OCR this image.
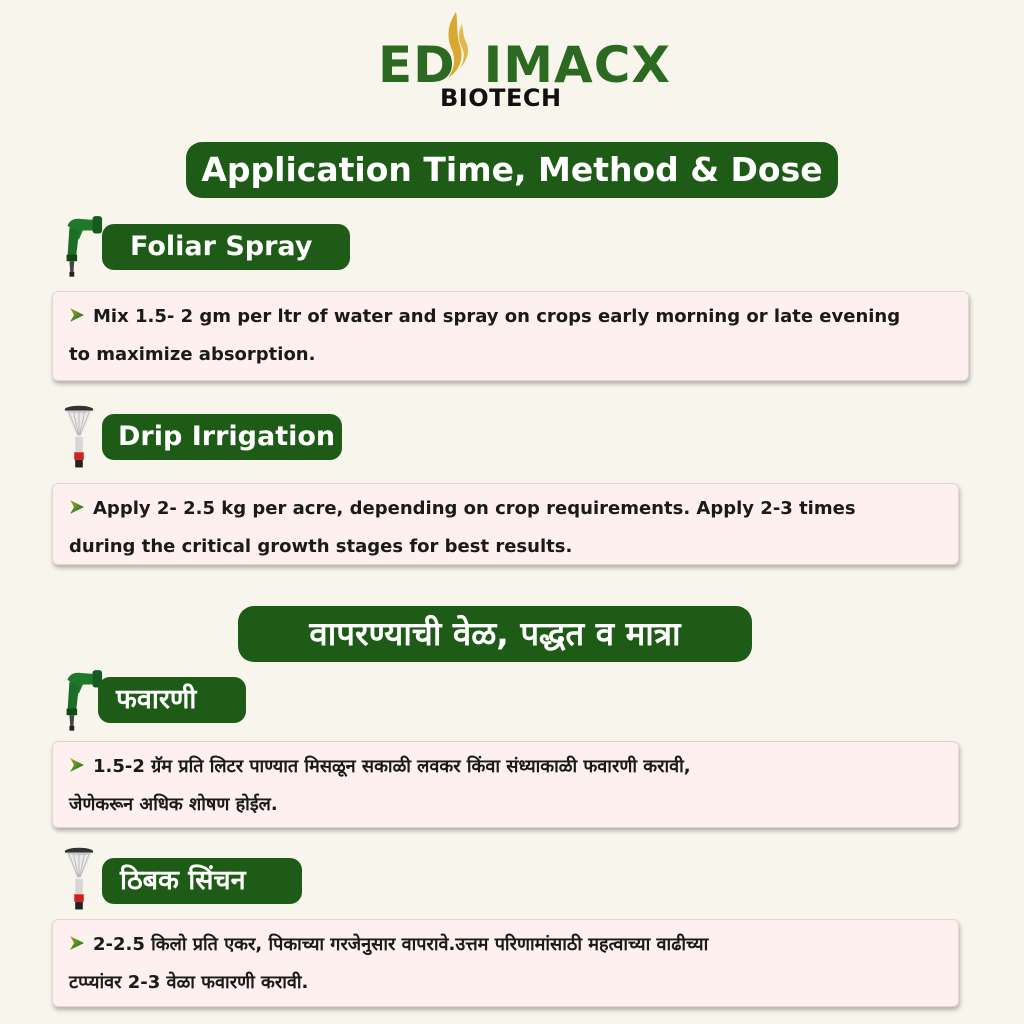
ED IMACX
BIOTECH
Application Time, Method & Dose
Foliar Spray
Mix 1.5- 2 gm per ltr of water and spray on crops early morning or late evening
to maximize absorption.
Drip Irrigation
Apply 2- 2.5 kg per acre, depending on crop requirements. Apply 2-3 times
during the critical growth stages for best results.
वापरण्याची वेळ, पद्धत व मात्रा
फवारणी
1.5-2 ग्रॅम प्रति लिटर पाण्यात मिसळून सकाळी लवकर किंवा संध्याकाळी फवारणी करावी,
जेणेकरून अधिक शोषण होईल.
ठिबक सिंचन
2-2.5 किलो प्रति एकर, पिकाच्या गरजेनुसार वापरावे.उत्तम परिणामांसाठी महत्वाच्या वाढीच्या
टप्प्यांवर 2-3 वेळा फवारणी करावी.
